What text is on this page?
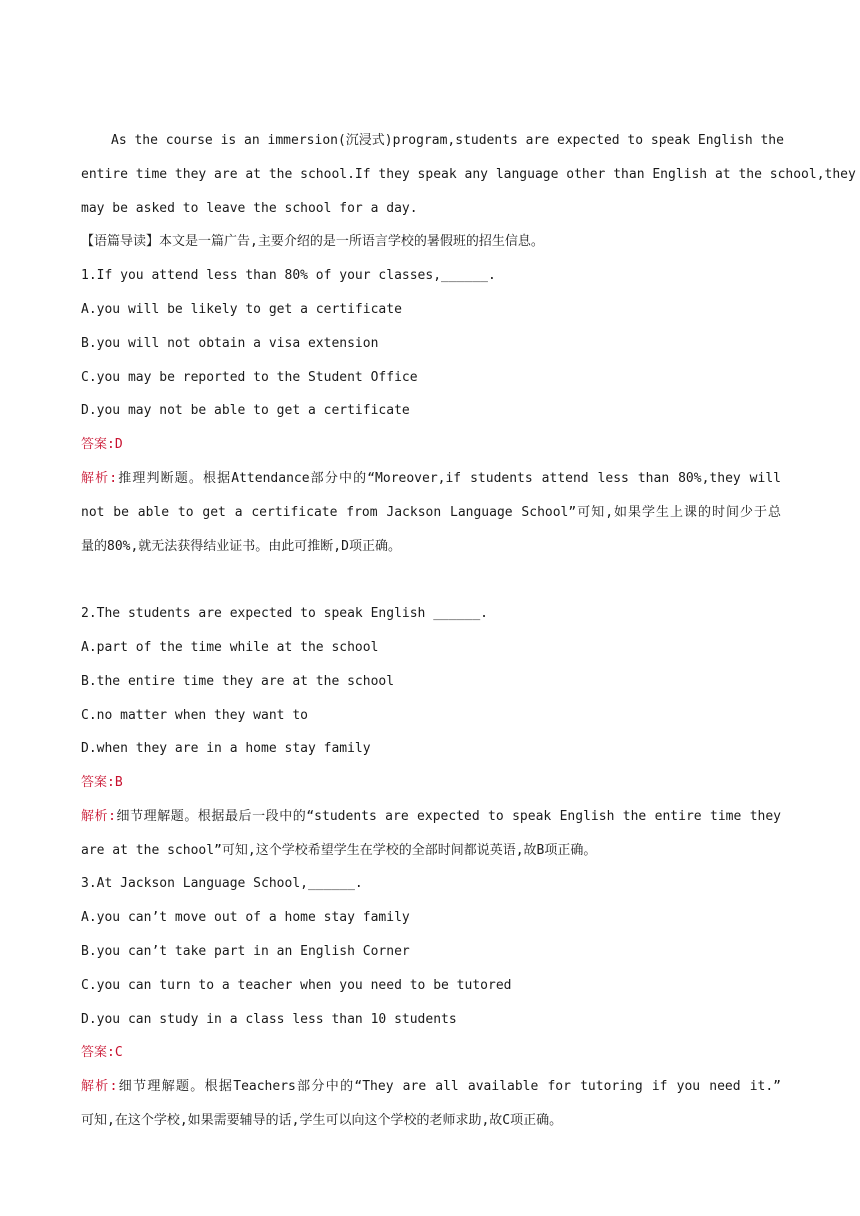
As the course is an immersion(沉浸式)program,students are expected to speak English the
entire time they are at the school.If they speak any language other than English at the school,they
may be asked to leave the school for a day.
【语篇导读】本文是一篇广告,主要介绍的是一所语言学校的暑假班的招生信息。
1.If you attend less than 80% of your classes,______.
A.you will be likely to get a certificate
B.you will not obtain a visa extension
C.you may be reported to the Student Office
D.you may not be able to get a certificate
答案:D
解析:推理判断题。根据Attendance部分中的“Moreover,if students attend less than 80%,they will
not be able to get a certificate from Jackson Language School”可知,如果学生上课的时间少于总
量的80%,就无法获得结业证书。由此可推断,D项正确。
2.The students are expected to speak English ______.
A.part of the time while at the school
B.the entire time they are at the school
C.no matter when they want to
D.when they are in a home stay family
答案:B
解析:细节理解题。根据最后一段中的“students are expected to speak English the entire time they
are at the school”可知,这个学校希望学生在学校的全部时间都说英语,故B项正确。
3.At Jackson Language School,______.
A.you can’t move out of a home stay family
B.you can’t take part in an English Corner
C.you can turn to a teacher when you need to be tutored
D.you can study in a class less than 10 students
答案:C
解析:细节理解题。根据Teachers部分中的“They are all available for tutoring if you need it.”
可知,在这个学校,如果需要辅导的话,学生可以向这个学校的老师求助,故C项正确。
